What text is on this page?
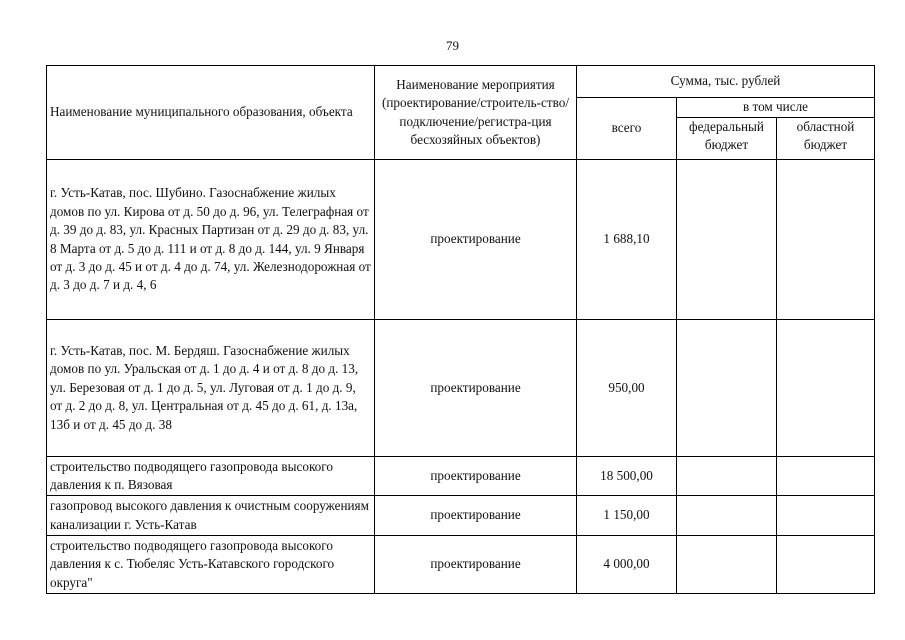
79
Наименование муниципального образования, объекта	Наименование мероприятия (проектирование/строитель-ство/подключение/регистра-ция бесхозяйных объектов)	Сумма, тыс. рублей		
		всего	в том числе	
			федеральный бюджет	областной бюджет
г. Усть-Катав, пос. Шубино. Газоснабжение жилых домов по ул. Кирова от д. 50 до д. 96, ул. Телеграфная от д. 39 до д. 83, ул. Красных Партизан от д. 29 до д. 83, ул. 8 Марта от д. 5 до д. 111 и от д. 8 до д. 144, ул. 9 Января от д. 3 до д. 45 и от д. 4 до д. 74, ул. Железнодорожная от д. 3 до д. 7 и д. 4, 6	проектирование	1 688,10		
г. Усть-Катав, пос. М. Бердяш. Газоснабжение жилых домов по ул. Уральская от д. 1 до д. 4 и от д. 8 до д. 13, ул. Березовая от д. 1 до д. 5, ул. Луговая от д. 1 до д. 9, от д. 2 до д. 8, ул. Центральная от д. 45 до д. 61, д. 13а, 13б и от д. 45 до д. 38	проектирование	950,00		
строительство подводящего газопровода высокого давления к п. Вязовая	проектирование	18 500,00		
газопровод высокого давления к очистным сооружениям канализации г. Усть-Катав	проектирование	1 150,00		
строительство подводящего газопровода высокого давления к с. Тюбеляс Усть-Катавского городского округа"	проектирование	4 000,00		
